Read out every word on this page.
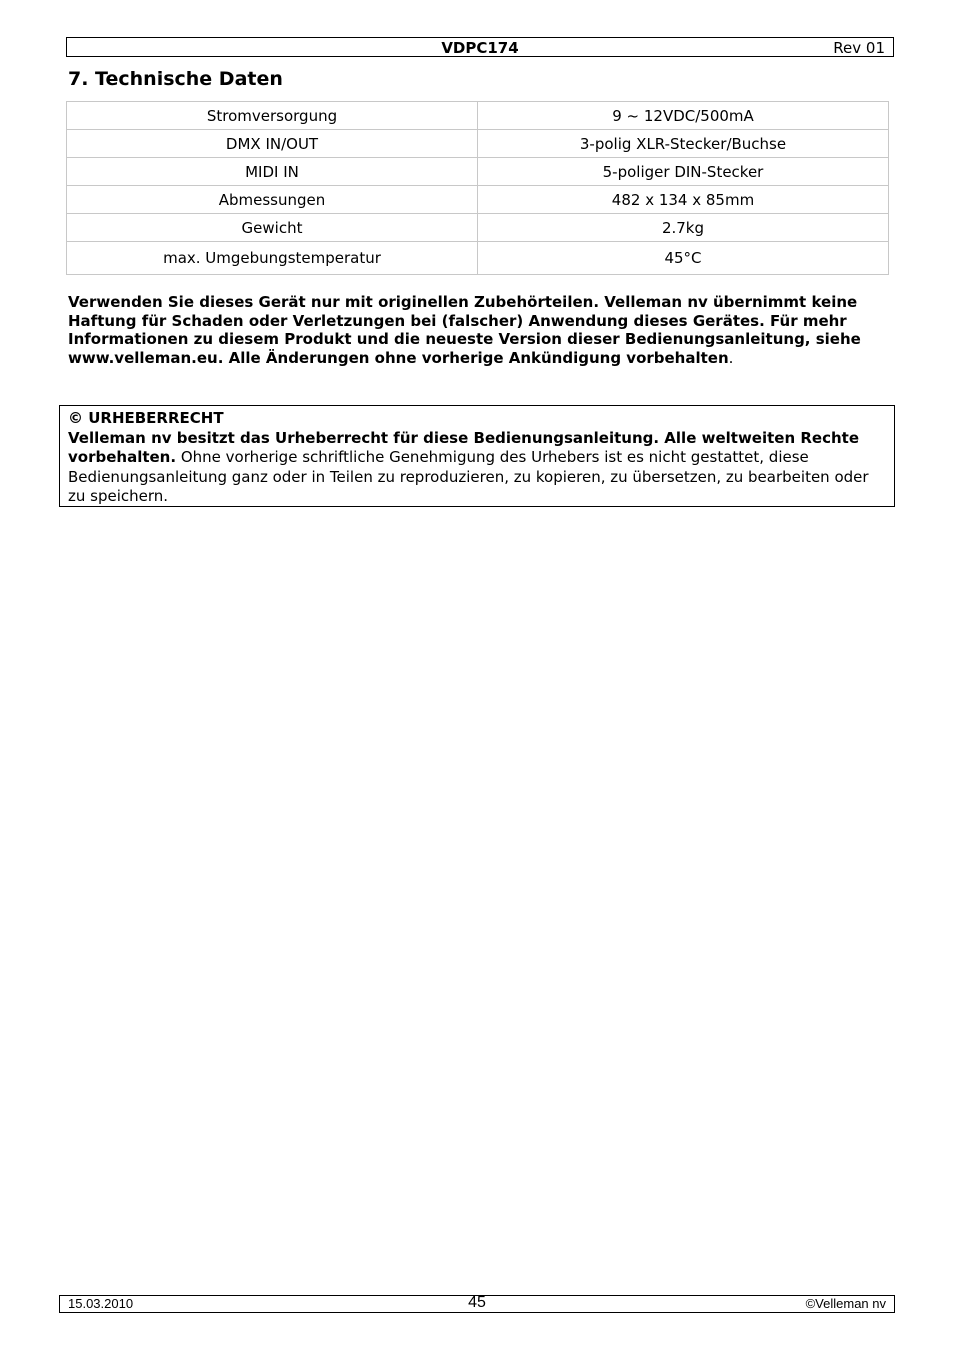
VDPC174	Rev 01
7. Technische Daten
Stromversorgung	9 ~ 12VDC/500mA
DMX IN/OUT	3-polig XLR-Stecker/Buchse
MIDI IN	5-poliger DIN-Stecker
Abmessungen	482 x 134 x 85mm
Gewicht	2.7kg
max. Umgebungstemperatur	45°C

Verwenden Sie dieses Gerät nur mit originellen Zubehörteilen. Velleman nv übernimmt keine Haftung für Schaden oder Verletzungen bei (falscher) Anwendung dieses Gerätes. Für mehr Informationen zu diesem Produkt und die neueste Version dieser Bedienungsanleitung, siehe www.velleman.eu. Alle Änderungen ohne vorherige Ankündigung vorbehalten.

© URHEBERRECHT
Velleman nv besitzt das Urheberrecht für diese Bedienungsanleitung. Alle weltweiten Rechte vorbehalten. Ohne vorherige schriftliche Genehmigung des Urhebers ist es nicht gestattet, diese Bedienungsanleitung ganz oder in Teilen zu reproduzieren, zu kopieren, zu übersetzen, zu bearbeiten oder zu speichern.
15.03.2010	45	©Velleman nv
